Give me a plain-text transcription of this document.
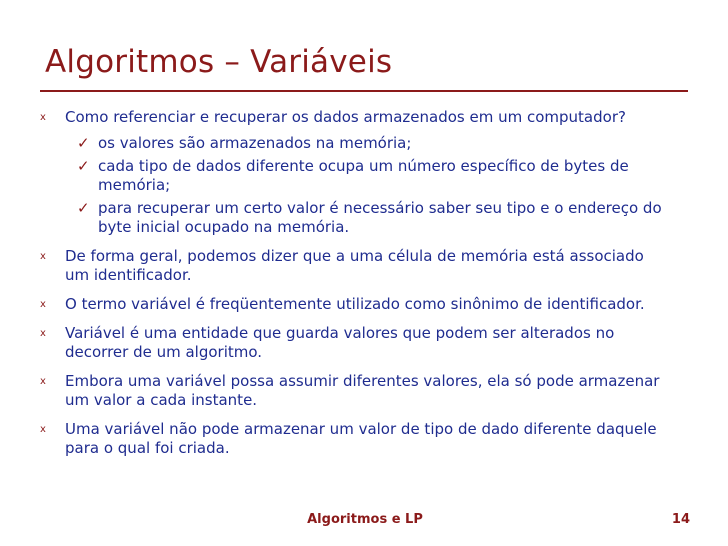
Algoritmos – Variáveis
x Como referenciar e recuperar os dados armazenados em um computador?
✓ os valores são armazenados na memória;
✓ cada tipo de dados diferente ocupa um número específico de bytes de memória;
✓ para recuperar um certo valor é necessário saber seu tipo e o endereço do byte inicial ocupado na memória.
x De forma geral, podemos dizer que a uma célula de memória está associado um identificador.
x O termo variável é freqüentemente utilizado como sinônimo de identificador.
x Variável é uma entidade que guarda valores que podem ser alterados no decorrer de um algoritmo.
x Embora uma variável possa assumir diferentes valores, ela só pode armazenar um valor a cada instante.
x Uma variável não pode armazenar um valor de tipo de dado diferente daquele para o qual foi criada.
Algoritmos e LP	14
